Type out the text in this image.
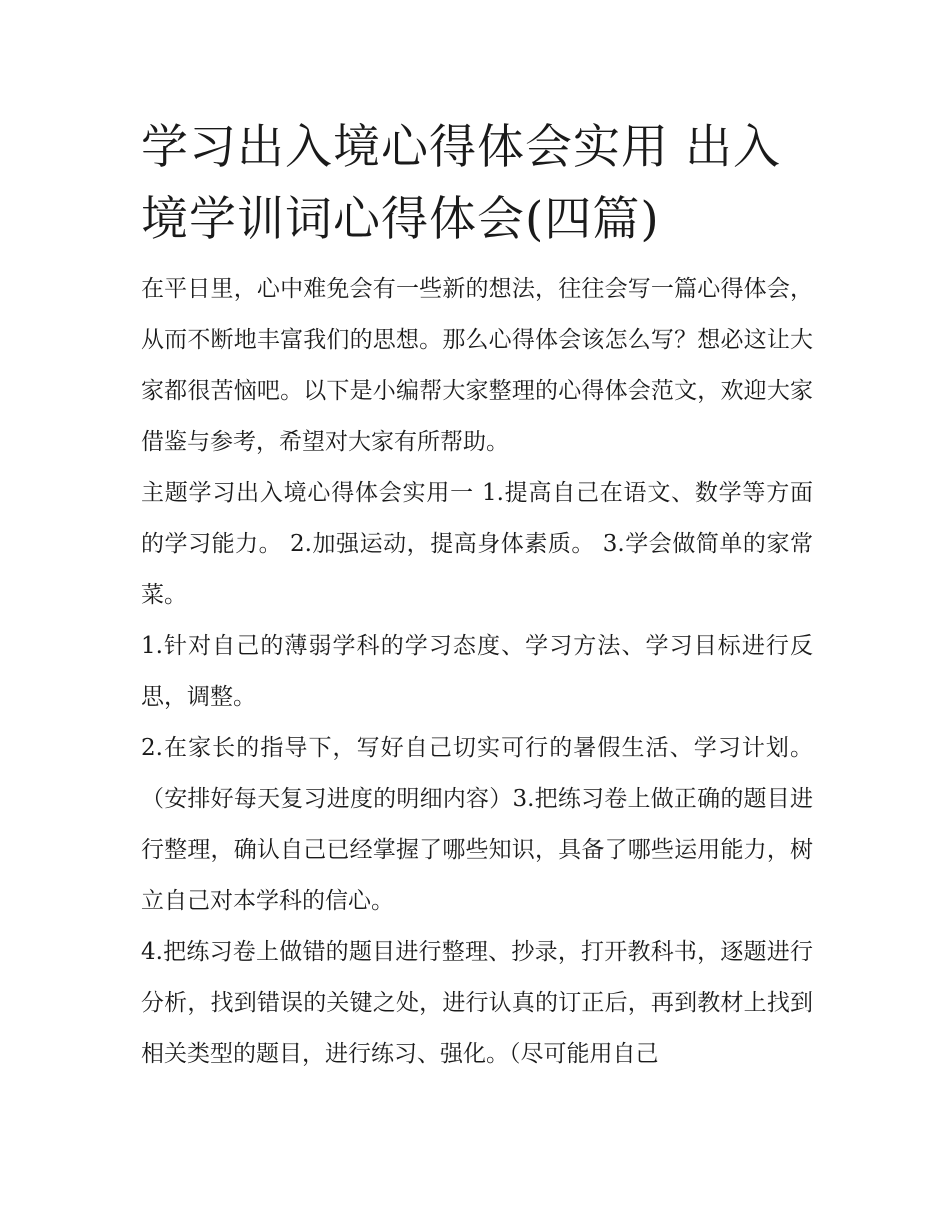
学习出入境心得体会实用 出入境学训词心得体会(四篇)

在平日里，心中难免会有一些新的想法，往往会写一篇心得体会，从而不断地丰富我们的思想。那么心得体会该怎么写？想必这让大家都很苦恼吧。以下是小编帮大家整理的心得体会范文，欢迎大家借鉴与参考，希望对大家有所帮助。

主题学习出入境心得体会实用一 1.提高自己在语文、数学等方面的学习能力。 2.加强运动，提高身体素质。 3.学会做简单的家常菜。

1.针对自己的薄弱学科的学习态度、学习方法、学习目标进行反思，调整。

2.在家长的指导下，写好自己切实可行的暑假生活、学习计划。（安排好每天复习进度的明细内容）3.把练习卷上做正确的题目进行整理，确认自己已经掌握了哪些知识，具备了哪些运用能力，树立自己对本学科的信心。

4.把练习卷上做错的题目进行整理、抄录，打开教科书，逐题进行分析，找到错误的关键之处，进行认真的订正后，再到教材上找到相关类型的题目，进行练习、强化。（尽可能用自己
